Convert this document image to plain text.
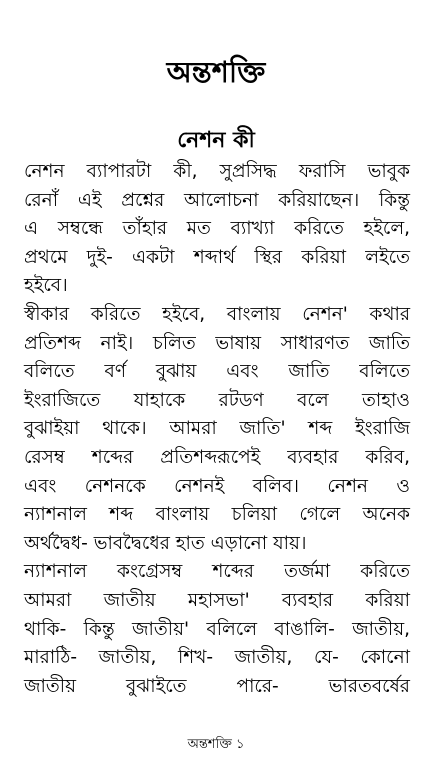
অন্তশক্তি
নেশন কী
নেশন ব্যাপারটা কী, সুপ্রসিদ্ধ ফরাসি ভাবুক
রেনাঁ এই প্রশ্নের আলোচনা করিয়াছেন। কিন্তু
এ সম্বন্ধে তাঁহার মত ব্যাখ্যা করিতে হইলে,
প্রথমে দুই- একটা শব্দার্থ স্থির করিয়া লইতে
হইবে।
স্বীকার করিতে হইবে, বাংলায় নেশন' কথার
প্রতিশব্দ নাই। চলিত ভাষায় সাধারণত জাতি
বলিতে বর্ণ বুঝায় এবং জাতি বলিতে
ইংরাজিতে যাহাকে রটডণ বলে তাহাও
বুঝাইয়া থাকে। আমরা জাতি' শব্দ ইংরাজি
রেসম্ব শব্দের প্রতিশব্দরূপেই ব্যবহার করিব,
এবং নেশনকে নেশনই বলিব। নেশন ও
ন্যাশনাল শব্দ বাংলায় চলিয়া গেলে অনেক
অর্থদ্বৈধ- ভাবদ্বৈধের হাত এড়ানো যায়।
ন্যাশনাল কংগ্রেসম্ব শব্দের তর্জমা করিতে
আমরা জাতীয় মহাসভা' ব্যবহার করিয়া
থাকি- কিন্তু জাতীয়' বলিলে বাঙালি- জাতীয়,
মারাঠি- জাতীয়, শিখ- জাতীয়, যে- কোনো
জাতীয় বুঝাইতে পারে- ভারতবর্ষের
অন্তশক্তি ১
